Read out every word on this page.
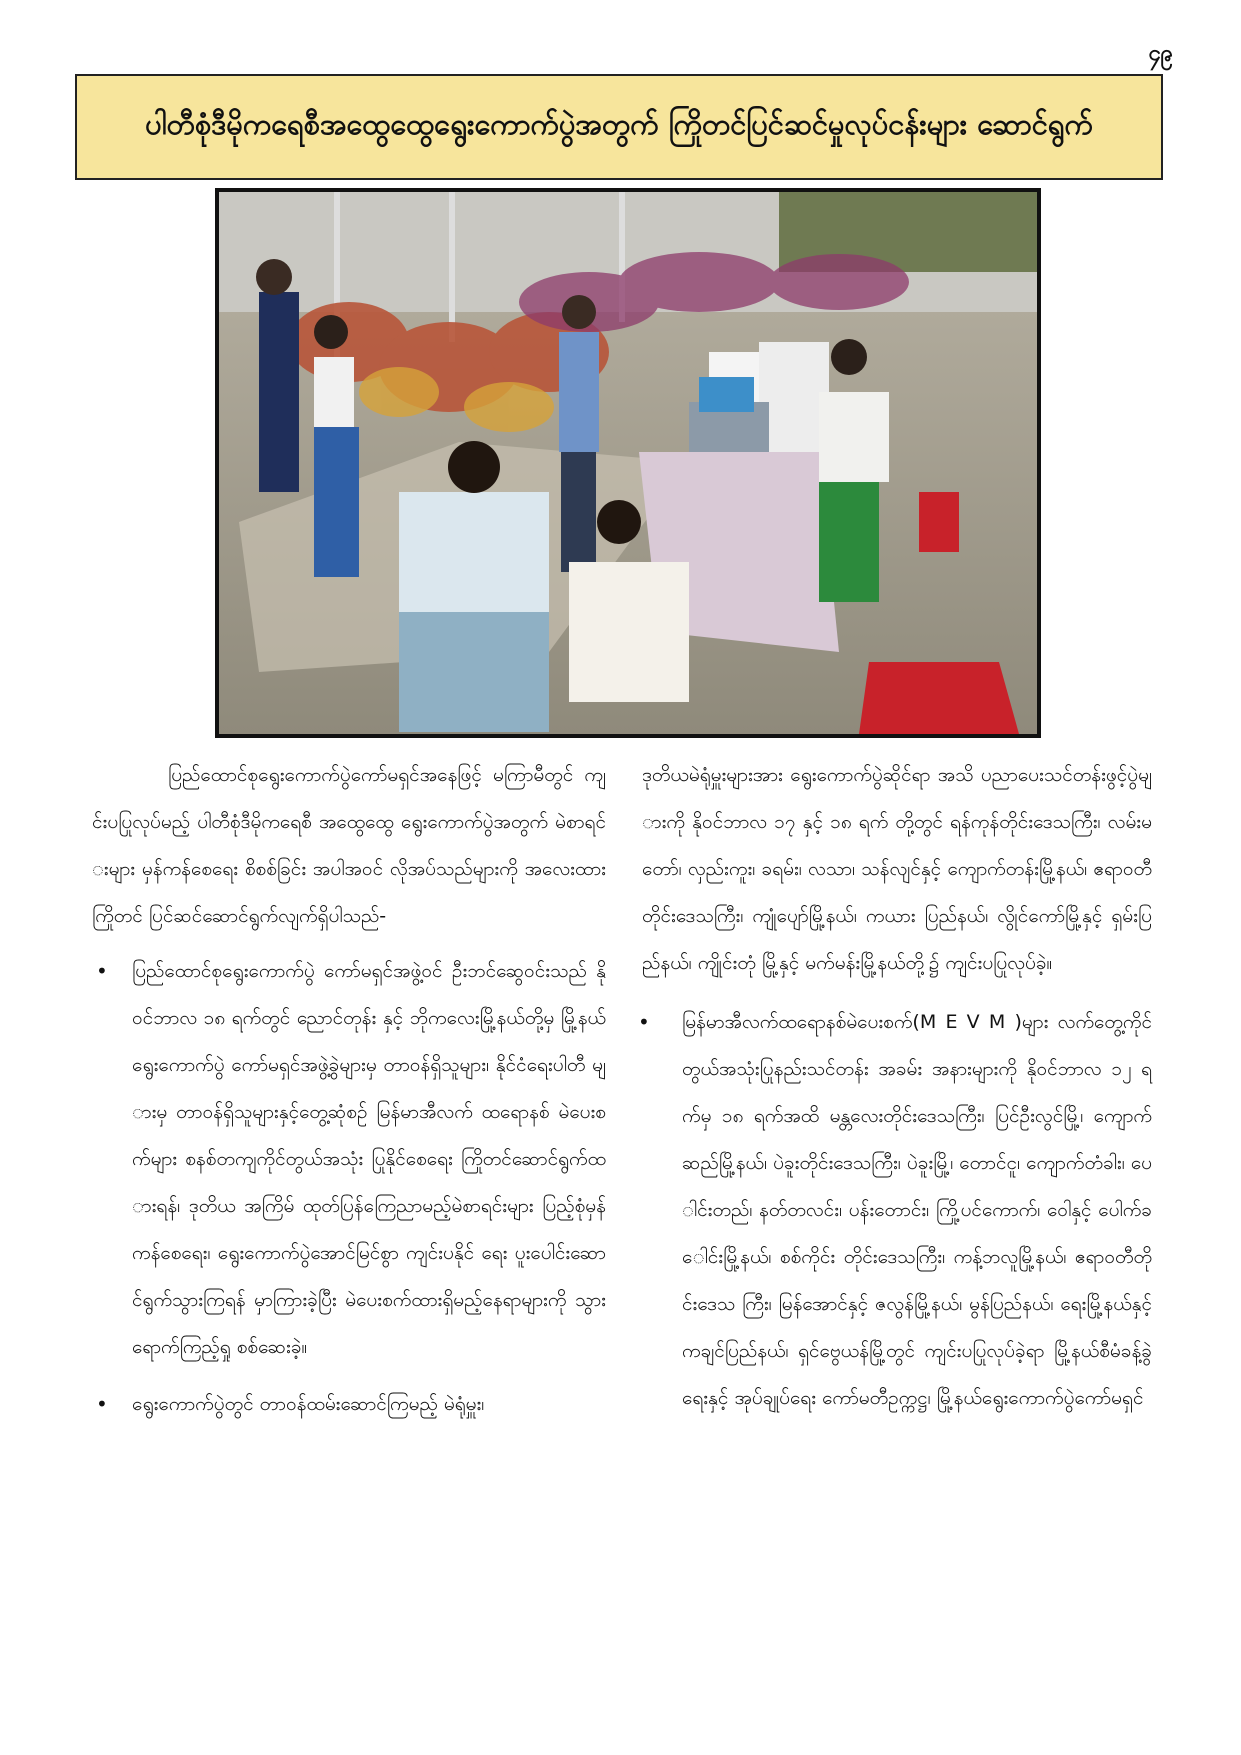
၄၉
ပါတီစုံဒီမိုကရေစီအထွေထွေရွေးကောက်ပွဲအတွက် ကြိုတင်ပြင်ဆင်မှုလုပ်ငန်းများ ဆောင်ရွက်

ပြည်ထောင်စုရွေးကောက်ပွဲကော်မရှင်အနေဖြင့် မကြာမီတွင် ကျင်းပပြုလုပ်မည့် ပါတီစုံဒီမိုကရေစီ အထွေထွေ ရွေးကောက်ပွဲအတွက် မဲစာရင်းများ မှန်ကန်စေရေး စိစစ်ခြင်း အပါအဝင် လိုအပ်သည်များကို အလေးထားကြိုတင် ပြင်ဆင်ဆောင်ရွက်လျက်ရှိပါသည်-

• ပြည်ထောင်စုရွေးကောက်ပွဲ ကော်မရှင်အဖွဲ့ဝင် ဦးဘင်ဆွေဝင်းသည် နိုဝင်ဘာလ ၁၈ ရက်တွင် ညောင်တုန်း နှင့် ဘိုကလေးမြို့နယ်တို့မှ မြို့နယ်ရွေးကောက်ပွဲ ကော်မရှင်အဖွဲ့ခွဲများမှ တာဝန်ရှိသူများ၊ နိုင်ငံရေးပါတီ များမှ တာဝန်ရှိသူများနှင့်တွေ့ဆုံစဉ် မြန်မာအီလက် ထရောနစ် မဲပေးစက်များ စနစ်တကျကိုင်တွယ်အသုံး ပြုနိုင်စေရေး ကြိုတင်ဆောင်ရွက်ထားရန်၊ ဒုတိယ အကြိမ် ထုတ်ပြန်ကြေညာမည့်မဲစာရင်းများ ပြည့်စုံမှန် ကန်စေရေး၊ ရွေးကောက်ပွဲအောင်မြင်စွာ ကျင်းပနိုင် ရေး ပူးပေါင်းဆောင်ရွက်သွားကြရန် မှာကြားခဲ့ပြီး မဲပေးစက်ထားရှိမည့်နေရာများကို သွားရောက်ကြည့်ရှု စစ်ဆေးခဲ့။
• ရွေးကောက်ပွဲတွင် တာဝန်ထမ်းဆောင်ကြမည့် မဲရုံမှူး၊

ဒုတိယမဲရုံမှူးများအား ရွေးကောက်ပွဲဆိုင်ရာ အသိ ပညာပေးသင်တန်းဖွင့်ပွဲများကို နိုဝင်ဘာလ ၁၇ နှင့် ၁၈ ရက် တို့တွင် ရန်ကုန်တိုင်းဒေသကြီး၊ လမ်းမတော်၊ လှည်းကူး၊ ခရမ်း၊ လသာ၊ သန်လျင်နှင့် ကျောက်တန်းမြို့နယ်၊ ဧရာဝတီတိုင်းဒေသကြီး၊ ကျုံပျော်မြို့နယ်၊ ကယား ပြည်နယ်၊ လွိုင်ကော်မြို့နှင့် ရှမ်းပြည်နယ်၊ ကျိုင်းတုံ မြို့နှင့် မက်မန်းမြို့နယ်တို့၌ ကျင်းပပြုလုပ်ခဲ့။

• မြန်မာအီလက်ထရောနစ်မဲပေးစက်(M E V M )များ လက်တွေ့ကိုင်တွယ်အသုံးပြုနည်းသင်တန်း အခမ်း အနားများကို နိုဝင်ဘာလ ၁၂ ရက်မှ ၁၈ ရက်အထိ မန္တလေးတိုင်းဒေသကြီး၊ ပြင်ဦးလွင်မြို့၊ ကျောက် ဆည်မြို့နယ်၊ ပဲခူးတိုင်းဒေသကြီး၊ ပဲခူးမြို့၊ တောင်ငူ၊ ကျောက်တံခါး၊ ပေါင်းတည်၊ နတ်တလင်း၊ ပန်းတောင်း၊ ကြို့ပင်ကောက်၊ ဝေါနှင့် ပေါက်ခေါင်းမြို့နယ်၊ စစ်ကိုင်း တိုင်းဒေသကြီး၊ ကန့်ဘလူမြို့နယ်၊ ဧရာဝတီတိုင်းဒေသ ကြီး၊ မြန်အောင်နှင့် ဇလွန်မြို့နယ်၊ မွန်ပြည်နယ်၊ ရေးမြို့နယ်နှင့် ကချင်ပြည်နယ်၊ ရှင်ဗွေယန်မြို့တွင် ကျင်းပပြုလုပ်ခဲ့ရာ မြို့နယ်စီမံခန့်ခွဲရေးနှင့် အုပ်ချုပ်ရေး ကော်မတီဥက္ကဋ္ဌ၊ မြို့နယ်ရွေးကောက်ပွဲကော်မရှင်
